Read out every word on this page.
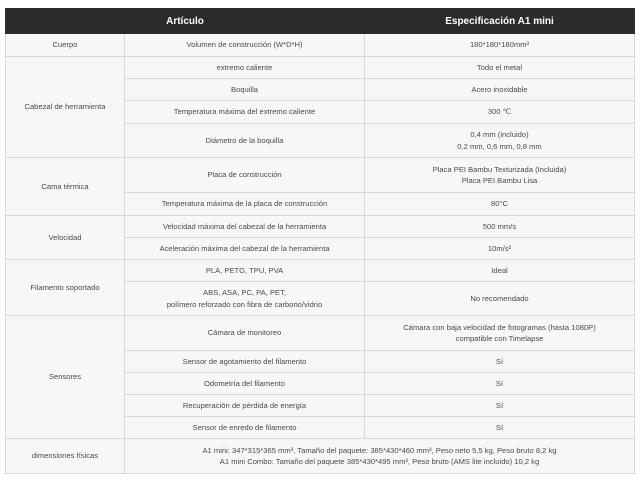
Artículo		Especificación A1 mini
Cuerpo	Volumen de construcción (W*D*H)	180*180*180mm³
Cabezal de herramienta	extremo caliente	Todo el metal
	Boquilla	Acero inoxidable
	Temperatura máxima del extremo caliente	300 ℃
	Diámetro de la boquilla	0,4 mm (incluido)
0,2 mm, 0,6 mm, 0,8 mm

Cama térmica	Placa de construcción	Placa PEI Bambu Texturizada (Incluida)
Placa PEI Bambu Lisa

	Temperatura máxima de la placa de construcción	80°C
Velocidad	Velocidad máxima del cabezal de la herramienta	500 mm/s
	Aceleración máxima del cabezal de la herramienta	10m/s²
Filamento soportado	PLA, PETG, TPU, PVA	Ideal

	ABS, ASA, PC, PA, PET,
polímero reforzado con fibra de carbono/vidrio	No recomendado
Sensores	Cámara de monitoreo	Cámara con baja velocidad de fotogramas (hasta 1080P)
compatible con Timelapse

	Sensor de agotamiento del filamento	Sí
	Odometría del filamento	Sí
	Recuperación de pérdida de energía	Sí
	Sensor de enredo de filamento	Sí
dimensiones físicas	A1 mini: 347*315*365 mm³, Tamaño del paquete: 385*430*460 mm³, Peso neto 5,5 kg, Peso bruto 8,2 kg
A1 mini Combo: Tamaño del paquete 385*430*495 mm³, Peso bruto (AMS lite incluido) 10,2 kg	
